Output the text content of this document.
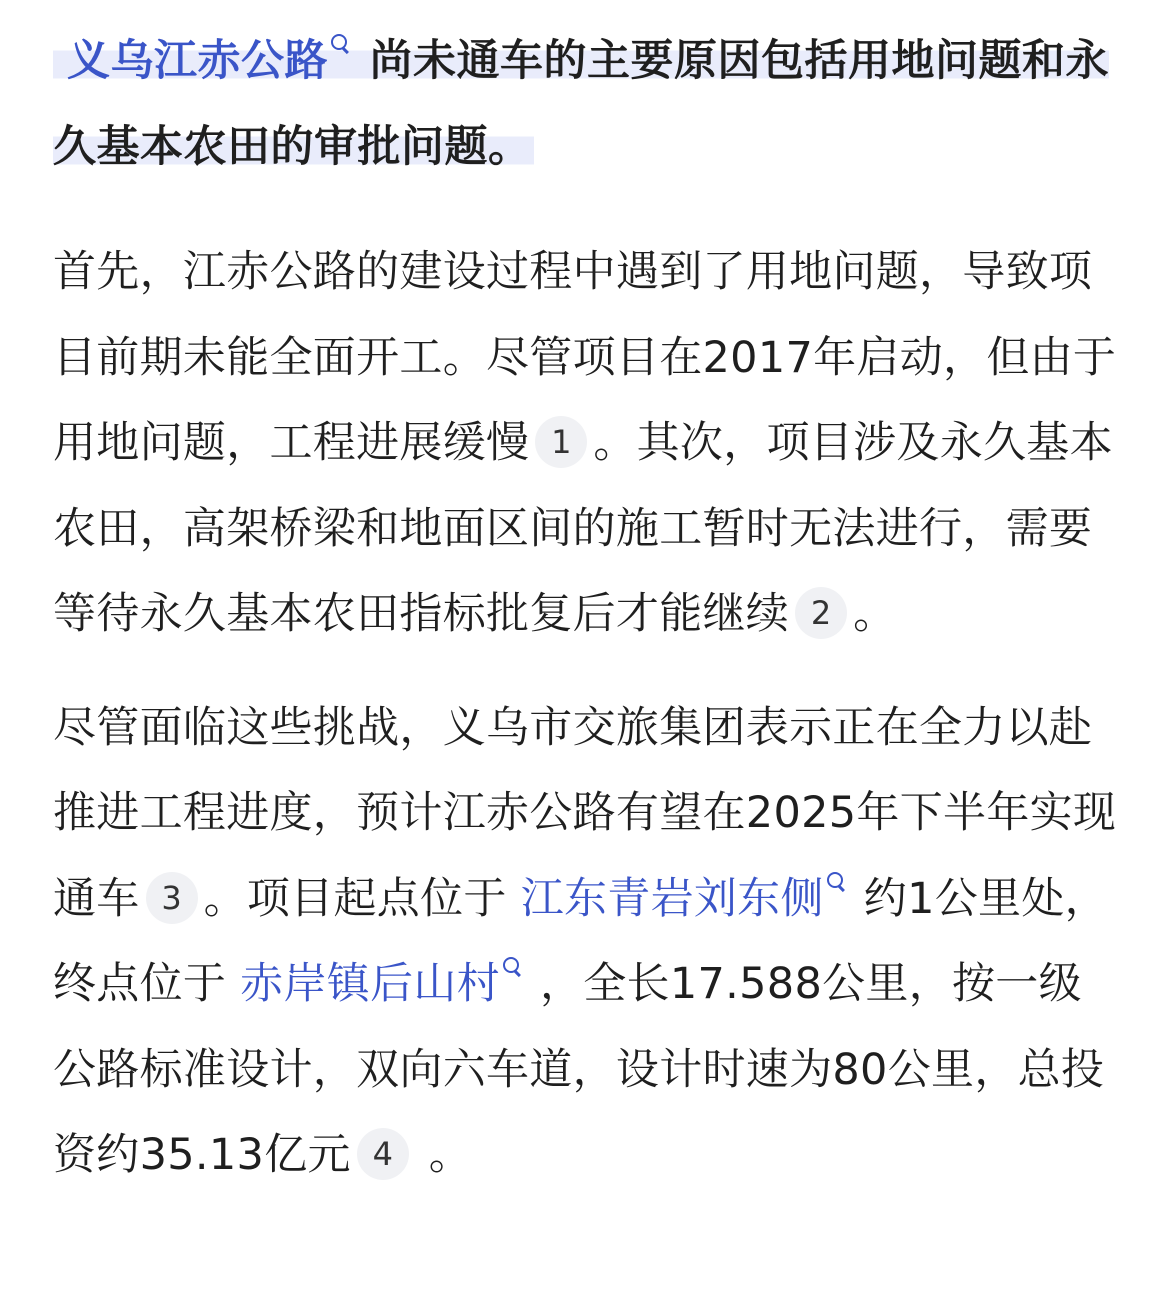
义乌江赤公路 尚未通车的主要原因包括用地问题和永久基本农田的审批问题。

首先，江赤公路的建设过程中遇到了用地问题，导致项目前期未能全面开工。尽管项目在2017年启动，但由于用地问题，工程进展缓慢 1 。其次，项目涉及永久基本农田，高架桥梁和地面区间的施工暂时无法进行，需要等待永久基本农田指标批复后才能继续 2 。

尽管面临这些挑战，义乌市交旅集团表示正在全力以赴推进工程进度，预计江赤公路有望在2025年下半年实现通车 3 。项目起点位于 江东青岩刘东侧 约1公里处，终点位于 赤岸镇后山村 ，全长17.588公里，按一级公路标准设计，双向六车道，设计时速为80公里，总投资约35.13亿元 4 。
